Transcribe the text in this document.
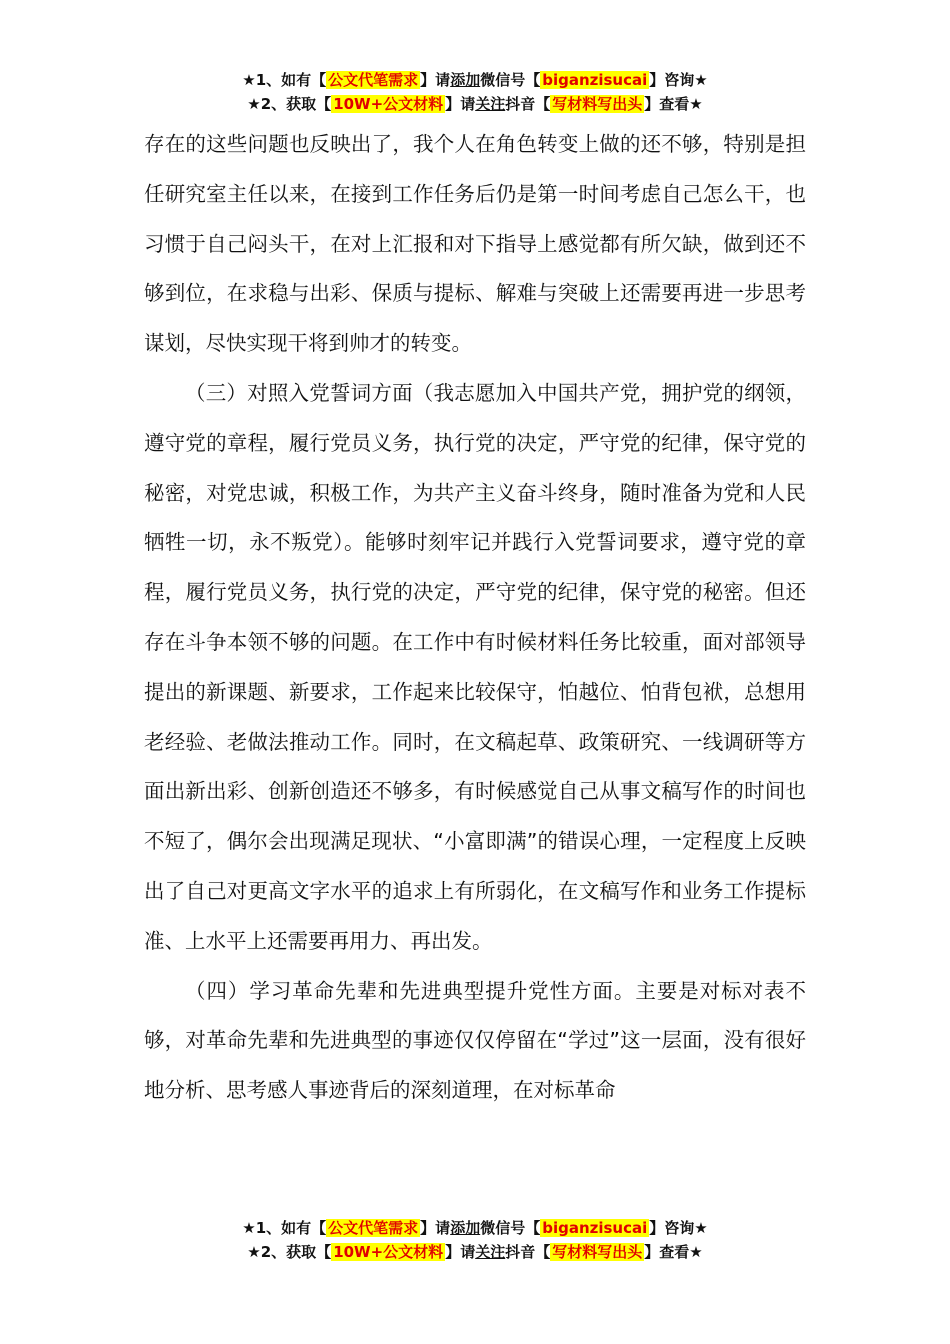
★1、如有【 公文代笔需求 】请添加微信号【 biganzisucai 】咨询★
★2、获取【 10W+公文材料 】请关注抖音【 写材料写出头 】查看★

存在的这些问题也反映出了，我个人在角色转变上做的还不够，特别是担任研究室主任以来，在接到工作任务后仍是第一时间考虑自己怎么干，也习惯于自己闷头干，在对上汇报和对下指导上感觉都有所欠缺，做到还不够到位，在求稳与出彩、保质与提标、解难与突破上还需要再进一步思考谋划，尽快实现干将到帅才的转变。

（三）对照入党誓词方面（我志愿加入中国共产党，拥护党的纲领，遵守党的章程，履行党员义务，执行党的决定，严守党的纪律，保守党的秘密，对党忠诚，积极工作，为共产主义奋斗终身，随时准备为党和人民牺牲一切，永不叛党）。能够时刻牢记并践行入党誓词要求，遵守党的章程，履行党员义务，执行党的决定，严守党的纪律，保守党的秘密。但还存在斗争本领不够的问题。在工作中有时候材料任务比较重，面对部领导提出的新课题、新要求，工作起来比较保守，怕越位、怕背包袱，总想用老经验、老做法推动工作。同时，在文稿起草、政策研究、一线调研等方面出新出彩、创新创造还不够多，有时候感觉自己从事文稿写作的时间也不短了，偶尔会出现满足现状、“小富即满”的错误心理，一定程度上反映出了自己对更高文字水平的追求上有所弱化，在文稿写作和业务工作提标准、上水平上还需要再用力、再出发。

（四）学习革命先辈和先进典型提升党性方面。主要是对标对表不够，对革命先辈和先进典型的事迹仅仅停留在“学过”这一层面，没有很好地分析、思考感人事迹背后的深刻道理，在对标革命

★1、如有【 公文代笔需求 】请添加微信号【 biganzisucai 】咨询★
★2、获取【 10W+公文材料 】请关注抖音【 写材料写出头 】查看★
